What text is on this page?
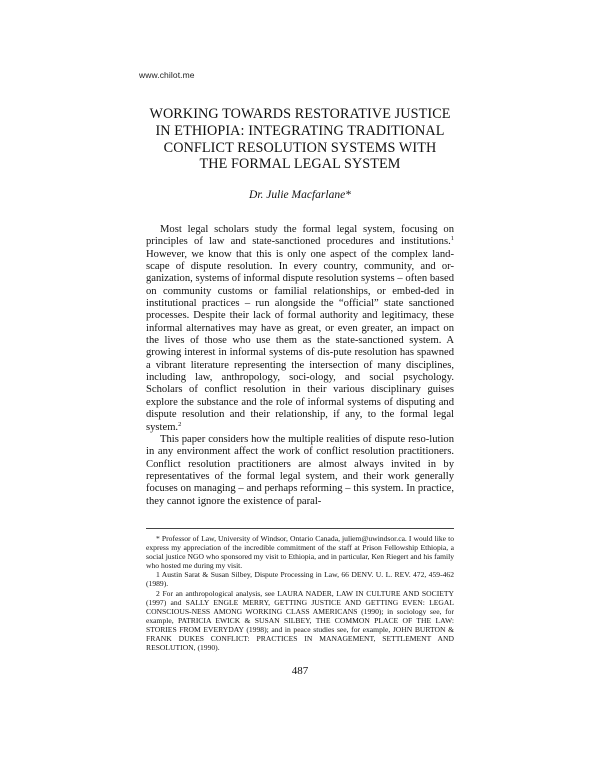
www.chilot.me
WORKING TOWARDS RESTORATIVE JUSTICE
IN ETHIOPIA: INTEGRATING TRADITIONAL
CONFLICT RESOLUTION SYSTEMS WITH
THE FORMAL LEGAL SYSTEM
Dr. Julie Macfarlane*

Most legal scholars study the formal legal system, focusing on principles of law and state-sanctioned procedures and institutions.$^1$ However, we know that this is only one aspect of the complex land-scape of dispute resolution. In every country, community, and or-ganization, systems of informal dispute resolution systems – often based on community customs or familial relationships, or embed-ded in institutional practices – run alongside the “official” state sanctioned processes. Despite their lack of formal authority and legitimacy, these informal alternatives may have as great, or even greater, an impact on the lives of those who use them as the state-sanctioned system. A growing interest in informal systems of dis-pute resolution has spawned a vibrant literature representing the intersection of many disciplines, including law, anthropology, soci-ology, and social psychology. Scholars of conflict resolution in their various disciplinary guises explore the substance and the role of informal systems of disputing and dispute resolution and their relationship, if any, to the formal legal system.$^2$

This paper considers how the multiple realities of dispute reso-lution in any environment affect the work of conflict resolution practitioners. Conflict resolution practitioners are almost always invited in by representatives of the formal legal system, and their work generally focuses on managing – and perhaps reforming – this system. In practice, they cannot ignore the existence of paral-

* Professor of Law, University of Windsor, Ontario Canada, juliem@uwindsor.ca. I would like to express my appreciation of the incredible commitment of the staff at Prison Fellowship Ethiopia, a social justice NGO who sponsored my visit to Ethiopia, and in particular, Ken Riegert and his family who hosted me during my visit.

1 Austin Sarat & Susan Silbey, Dispute Processing in Law, 66 DENV. U. L. REV. 472, 459-462 (1989).

2 For an anthropological analysis, see LAURA NADER, LAW IN CULTURE AND SOCIETY (1997) and SALLY ENGLE MERRY, GETTING JUSTICE AND GETTING EVEN: LEGAL CONSCIOUS-NESS AMONG WORKING CLASS AMERICANS (1990); in sociology see, for example, PATRICIA EWICK & SUSAN SILBEY, THE COMMON PLACE OF THE LAW: STORIES FROM EVERYDAY (1998); and in peace studies see, for example, JOHN BURTON & FRANK DUKES CONFLICT: PRACTICES IN MANAGEMENT, SETTLEMENT AND RESOLUTION, (1990).

487
